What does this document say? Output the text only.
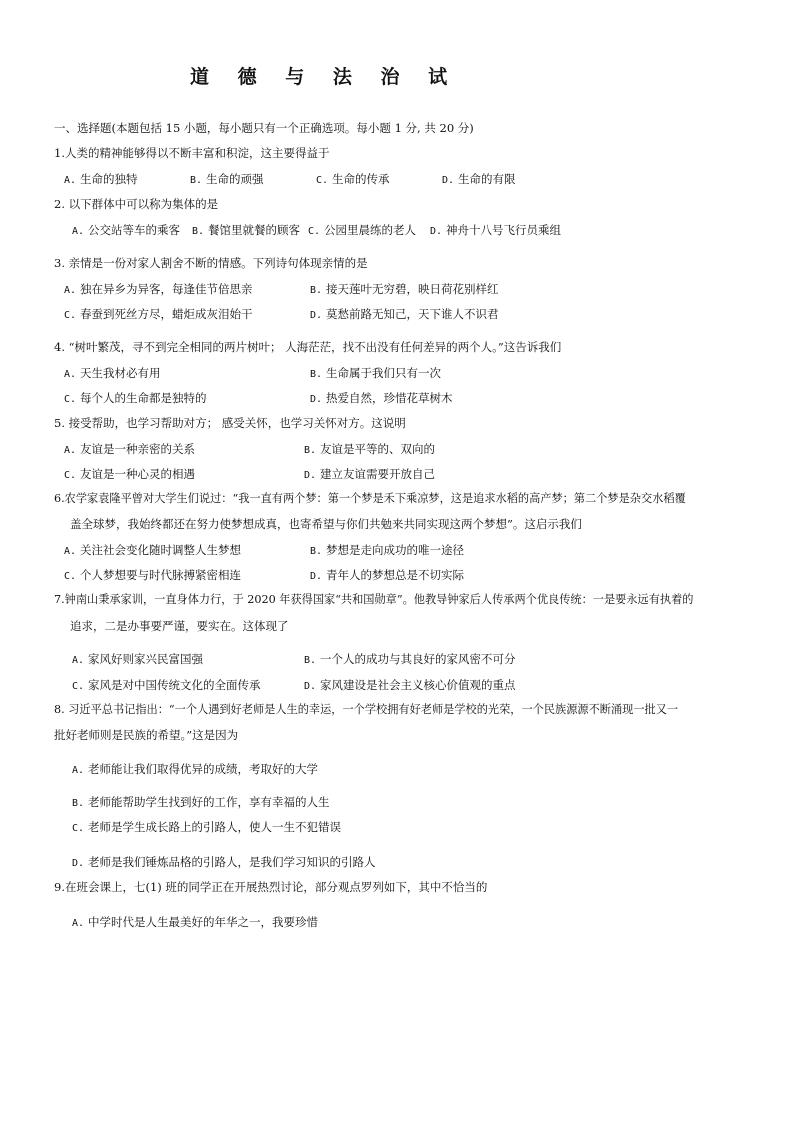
道 德 与 法 治 试
一、选择题(本题包括 15 小题，每小题只有一个正确选项。每小题 1 分, 共 20 分)
1.人类的精神能够得以不断丰富和积淀，这主要得益于
A. 生命的独特	B. 生命的顽强	C. 生命的传承	D. 生命的有限
2. 以下群体中可以称为集体的是
A. 公交站等车的乘客 B. 餐馆里就餐的顾客 C. 公园里晨练的老人 D. 神舟十八号飞行员乘组
3. 亲情是一份对家人割舍不断的情感。下列诗句体现亲情的是
A. 独在异乡为异客，每逢佳节倍思亲	B. 接天莲叶无穷碧，映日荷花别样红
C. 春蚕到死丝方尽，蜡炬成灰泪始干	D. 莫愁前路无知己，天下谁人不识君
4. “树叶繁茂，寻不到完全相同的两片树叶； 人海茫茫，找不出没有任何差异的两个人。”这告诉我们
A. 天生我材必有用	B. 生命属于我们只有一次
C. 每个人的生命都是独特的	D. 热爱自然，珍惜花草树木
5. 接受帮助，也学习帮助对方； 感受关怀，也学习关怀对方。这说明
A. 友谊是一种亲密的关系	B. 友谊是平等的、双向的
C. 友谊是一种心灵的相遇	D. 建立友谊需要开放自己
6.农学家袁隆平曾对大学生们说过：“我一直有两个梦：第一个梦是禾下乘凉梦，这是追求水稻的高产梦；第二个梦是杂交水稻覆
盖全球梦，我始终都还在努力使梦想成真，也寄希望与你们共勉来共同实现这两个梦想”。这启示我们
A. 关注社会变化随时调整人生梦想	B. 梦想是走向成功的唯一途径
C. 个人梦想要与时代脉搏紧密相连	D. 青年人的梦想总是不切实际
7.钟南山秉承家训，一直身体力行，于 2020 年获得国家“共和国勋章”。他教导钟家后人传承两个优良传统：一是要永远有执着的
追求，二是办事要严谨，要实在。这体现了
A. 家风好则家兴民富国强	B. 一个人的成功与其良好的家风密不可分
C. 家风是对中国传统文化的全面传承	D. 家风建设是社会主义核心价值观的重点
8. 习近平总书记指出：“一个人遇到好老师是人生的幸运，一个学校拥有好老师是学校的光荣，一个民族源源不断涌现一批又一
批好老师则是民族的希望。”这是因为
A. 老师能让我们取得优异的成绩，考取好的大学
B. 老师能帮助学生找到好的工作，享有幸福的人生
C. 老师是学生成长路上的引路人，使人一生不犯错误
D. 老师是我们锤炼品格的引路人，是我们学习知识的引路人
9.在班会课上，七(1) 班的同学正在开展热烈讨论，部分观点罗列如下，其中不恰当的
A. 中学时代是人生最美好的年华之一，我要珍惜
